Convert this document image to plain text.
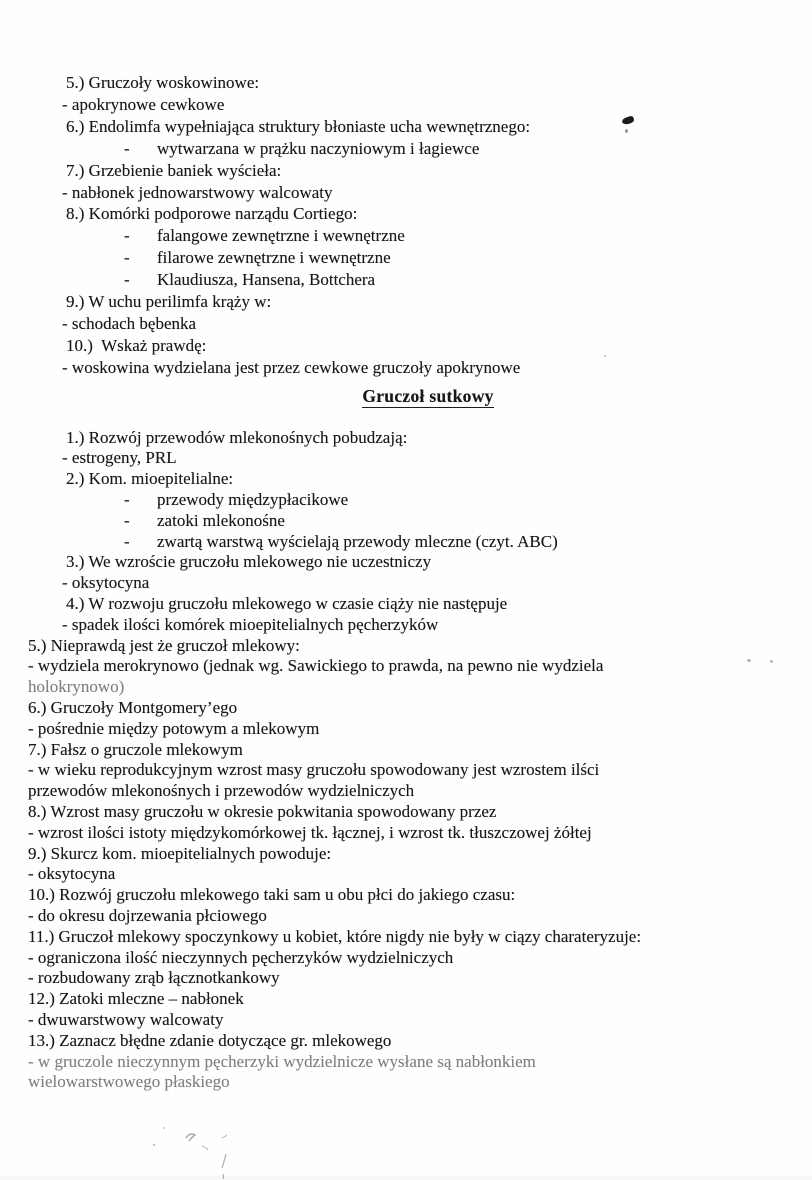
5.) Gruczoły woskowinowe:

- apokrynowe cewkowe

6.) Endolimfa wypełniająca struktury błoniaste ucha wewnętrznego:

-	wytwarzana w prążku naczyniowym i łagiewce

7.) Grzebienie baniek wyścieła:

- nabłonek jednowarstwowy walcowaty

8.) Komórki podporowe narządu Cortiego:

-	falangowe zewnętrzne i wewnętrzne

-	filarowe zewnętrzne i wewnętrzne

-	Klaudiusza, Hansena, Bottchera

9.) W uchu perilimfa krąży w:

- schodach bębenka

10.)  Wskaż prawdę:

- woskowina wydzielana jest przez cewkowe gruczoły apokrynowe

Gruczoł sutkowy

1.) Rozwój przewodów mlekonośnych pobudzają:

- estrogeny, PRL

2.) Kom. mioepitelialne:

-	przewody międzypłacikowe

-	zatoki mlekonośne

-	zwartą warstwą wyścielają przewody mleczne (czyt. ABC)

3.) We wzroście gruczołu mlekowego nie uczestniczy

- oksytocyna

4.) W rozwoju gruczołu mlekowego w czasie ciąży nie następuje

- spadek ilości komórek mioepitelialnych pęcherzyków

5.) Nieprawdą jest że gruczoł mlekowy:

- wydziela merokrynowo (jednak wg. Sawickiego to prawda, na pewno nie wydziela

holokrynowo)

6.) Gruczoły Montgomery’ego

- pośrednie między potowym a mlekowym

7.) Fałsz o gruczole mlekowym

- w wieku reprodukcyjnym wzrost masy gruczołu spowodowany jest wzrostem ilści

przewodów mlekonośnych i przewodów wydzielniczych

8.) Wzrost masy gruczołu w okresie pokwitania spowodowany przez

- wzrost ilości istoty międzykomórkowej tk. łącznej, i wzrost tk. tłuszczowej żółtej

9.) Skurcz kom. mioepitelialnych powoduje:

- oksytocyna

10.) Rozwój gruczołu mlekowego taki sam u obu płci do jakiego czasu:

- do okresu dojrzewania płciowego

11.) Gruczoł mlekowy spoczynkowy u kobiet, które nigdy nie były w ciązy charateryzuje:

- ograniczona ilość nieczynnych pęcherzyków wydzielniczych

- rozbudowany zrąb łącznotkankowy

12.) Zatoki mleczne – nabłonek

- dwuwarstwowy walcowaty

13.) Zaznacz błędne zdanie dotyczące gr. mlekowego

- w gruczole nieczynnym pęcherzyki wydzielnicze wysłane są nabłonkiem

wielowarstwowego płaskiego
